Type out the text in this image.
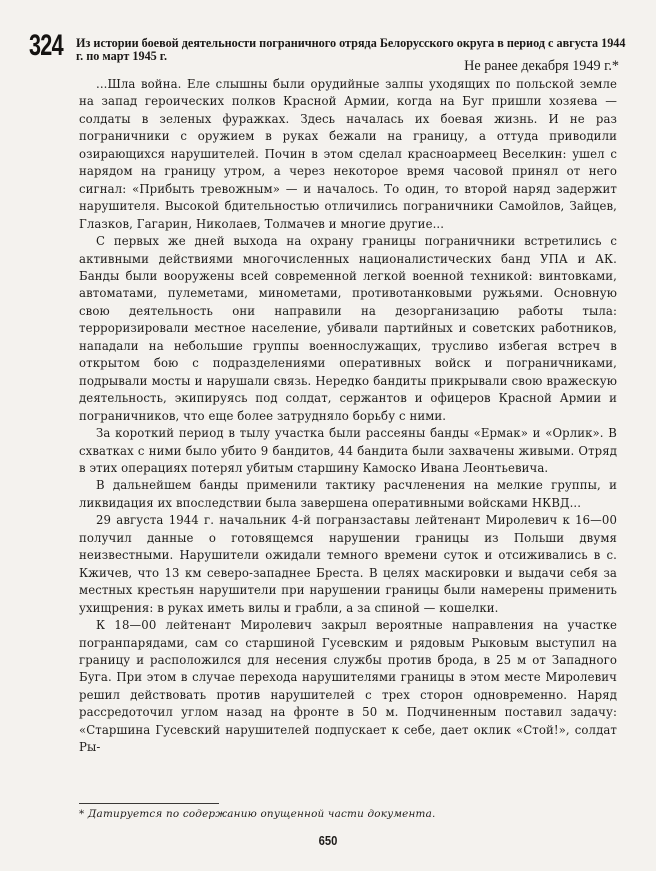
324 Из истории боевой деятельности пограничного отряда Белорусского округа в период с августа 1944 г. по март 1945 г.
Не ранее декабря 1949 г.*

...Шла война. Еле слышны были орудийные залпы уходящих по польской земле на запад героических полков Красной Армии, когда на Буг пришли хозяева — солдаты в зеленых фуражках. Здесь началась их боевая жизнь. И не раз пограничники с оружием в руках бежали на границу, а оттуда приводили озирающихся нарушителей. Почин в этом сделал красноармеец Веселкин: ушел с нарядом на границу утром, а через некоторое время часовой принял от него сигнал: «Прибыть тревожным» — и началось. То один, то второй наряд задержит нарушителя. Высокой бдительностью отличились пограничники Самойлов, Зайцев, Глазков, Гагарин, Николаев, Толмачев и многие другие...

С первых же дней выхода на охрану границы пограничники встретились с активными действиями многочисленных националистических банд УПА и АК. Банды были вооружены всей современной легкой военной техникой: винтовками, автоматами, пулеметами, минометами, противотанковыми ружьями. Основную свою деятельность они направили на дезорганизацию работы тыла: терроризировали местное население, убивали партийных и советских работников, нападали на небольшие группы военнослужащих, трусливо избегая встреч в открытом бою с подразделениями оперативных войск и пограничниками, подрывали мосты и нарушали связь. Нередко бандиты прикрывали свою вражескую деятельность, экипируясь под солдат, сержантов и офицеров Красной Армии и пограничников, что еще более затрудняло борьбу с ними.

За короткий период в тылу участка были рассеяны банды «Ермак» и «Орлик». В схватках с ними было убито 9 бандитов, 44 бандита были захвачены живыми. Отряд в этих операциях потерял убитым старшину Камоско Ивана Леонтьевича.

В дальнейшем банды применили тактику расчленения на мелкие группы, и ликвидация их впоследствии была завершена оперативными войсками НКВД...

29 августа 1944 г. начальник 4-й погранзаставы лейтенант Миролевич к 16—00 получил данные о готовящемся нарушении границы из Польши двумя неизвестными. Нарушители ожидали темного времени суток и отсиживались в с. Кжичев, что 13 км северо-западнее Бреста. В целях маскировки и выдачи себя за местных крестьян нарушители при нарушении границы были намерены применить ухищрения: в руках иметь вилы и грабли, а за спиной — кошелки.

К 18—00 лейтенант Миролевич закрыл вероятные направления на участке погранпарядами, сам со старшиной Гусевским и рядовым Рыковым выступил на границу и расположился для несения службы против брода, в 25 м от Западного Буга. При этом в случае перехода нарушителями границы в этом месте Миролевич решил действовать против нарушителей с трех сторон одновременно. Наряд рассредоточил углом назад на фронте в 50 м. Подчиненным поставил задачу: «Старшина Гусевский нарушителей подпускает к себе, дает оклик «Стой!», солдат Ры-

* Датируется по содержанию опущенной части документа.
650
